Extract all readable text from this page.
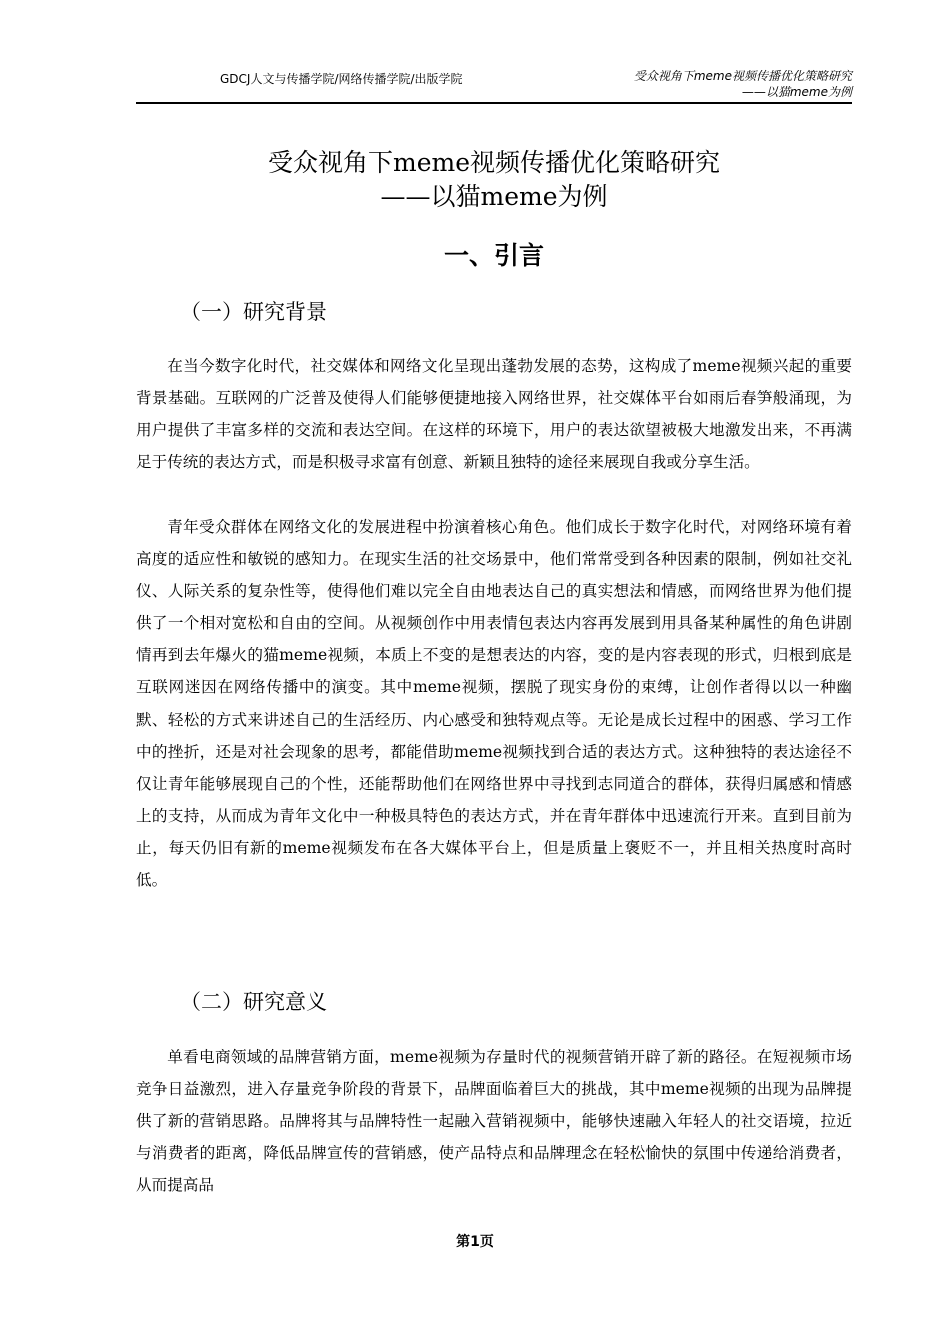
GDCJ人文与传播学院/网络传播学院/出版学院	受众视角下meme视频传播优化策略研究
——以猫meme为例
受众视角下meme视频传播优化策略研究
——以猫meme为例
一、引言
（一）研究背景

在当今数字化时代，社交媒体和网络文化呈现出蓬勃发展的态势，这构成了meme视频兴起的重要背景基础。互联网的广泛普及使得人们能够便捷地接入网络世界，社交媒体平台如雨后春笋般涌现，为用户提供了丰富多样的交流和表达空间。在这样的环境下，用户的表达欲望被极大地激发出来，不再满足于传统的表达方式，而是积极寻求富有创意、新颖且独特的途径来展现自我或分享生活。

青年受众群体在网络文化的发展进程中扮演着核心角色。他们成长于数字化时代，对网络环境有着高度的适应性和敏锐的感知力。在现实生活的社交场景中，他们常常受到各种因素的限制，例如社交礼仪、人际关系的复杂性等，使得他们难以完全自由地表达自己的真实想法和情感，而网络世界为他们提供了一个相对宽松和自由的空间。从视频创作中用表情包表达内容再发展到用具备某种属性的角色讲剧情再到去年爆火的猫meme视频，本质上不变的是想表达的内容，变的是内容表现的形式，归根到底是互联网迷因在网络传播中的演变。其中meme视频，摆脱了现实身份的束缚，让创作者得以以一种幽默、轻松的方式来讲述自己的生活经历、内心感受和独特观点等。无论是成长过程中的困惑、学习工作中的挫折，还是对社会现象的思考，都能借助meme视频找到合适的表达方式。这种独特的表达途径不仅让青年能够展现自己的个性，还能帮助他们在网络世界中寻找到志同道合的群体，获得归属感和情感上的支持，从而成为青年文化中一种极具特色的表达方式，并在青年群体中迅速流行开来。直到目前为止，每天仍旧有新的meme视频发布在各大媒体平台上，但是质量上褒贬不一，并且相关热度时高时低。

（二）研究意义

单看电商领域的品牌营销方面，meme视频为存量时代的视频营销开辟了新的路径。在短视频市场竞争日益激烈，进入存量竞争阶段的背景下，品牌面临着巨大的挑战，其中meme视频的出现为品牌提供了新的营销思路。品牌将其与品牌特性一起融入营销视频中，能够快速融入年轻人的社交语境，拉近与消费者的距离，降低品牌宣传的营销感，使产品特点和品牌理念在轻松愉快的氛围中传递给消费者，从而提高品

第1页
